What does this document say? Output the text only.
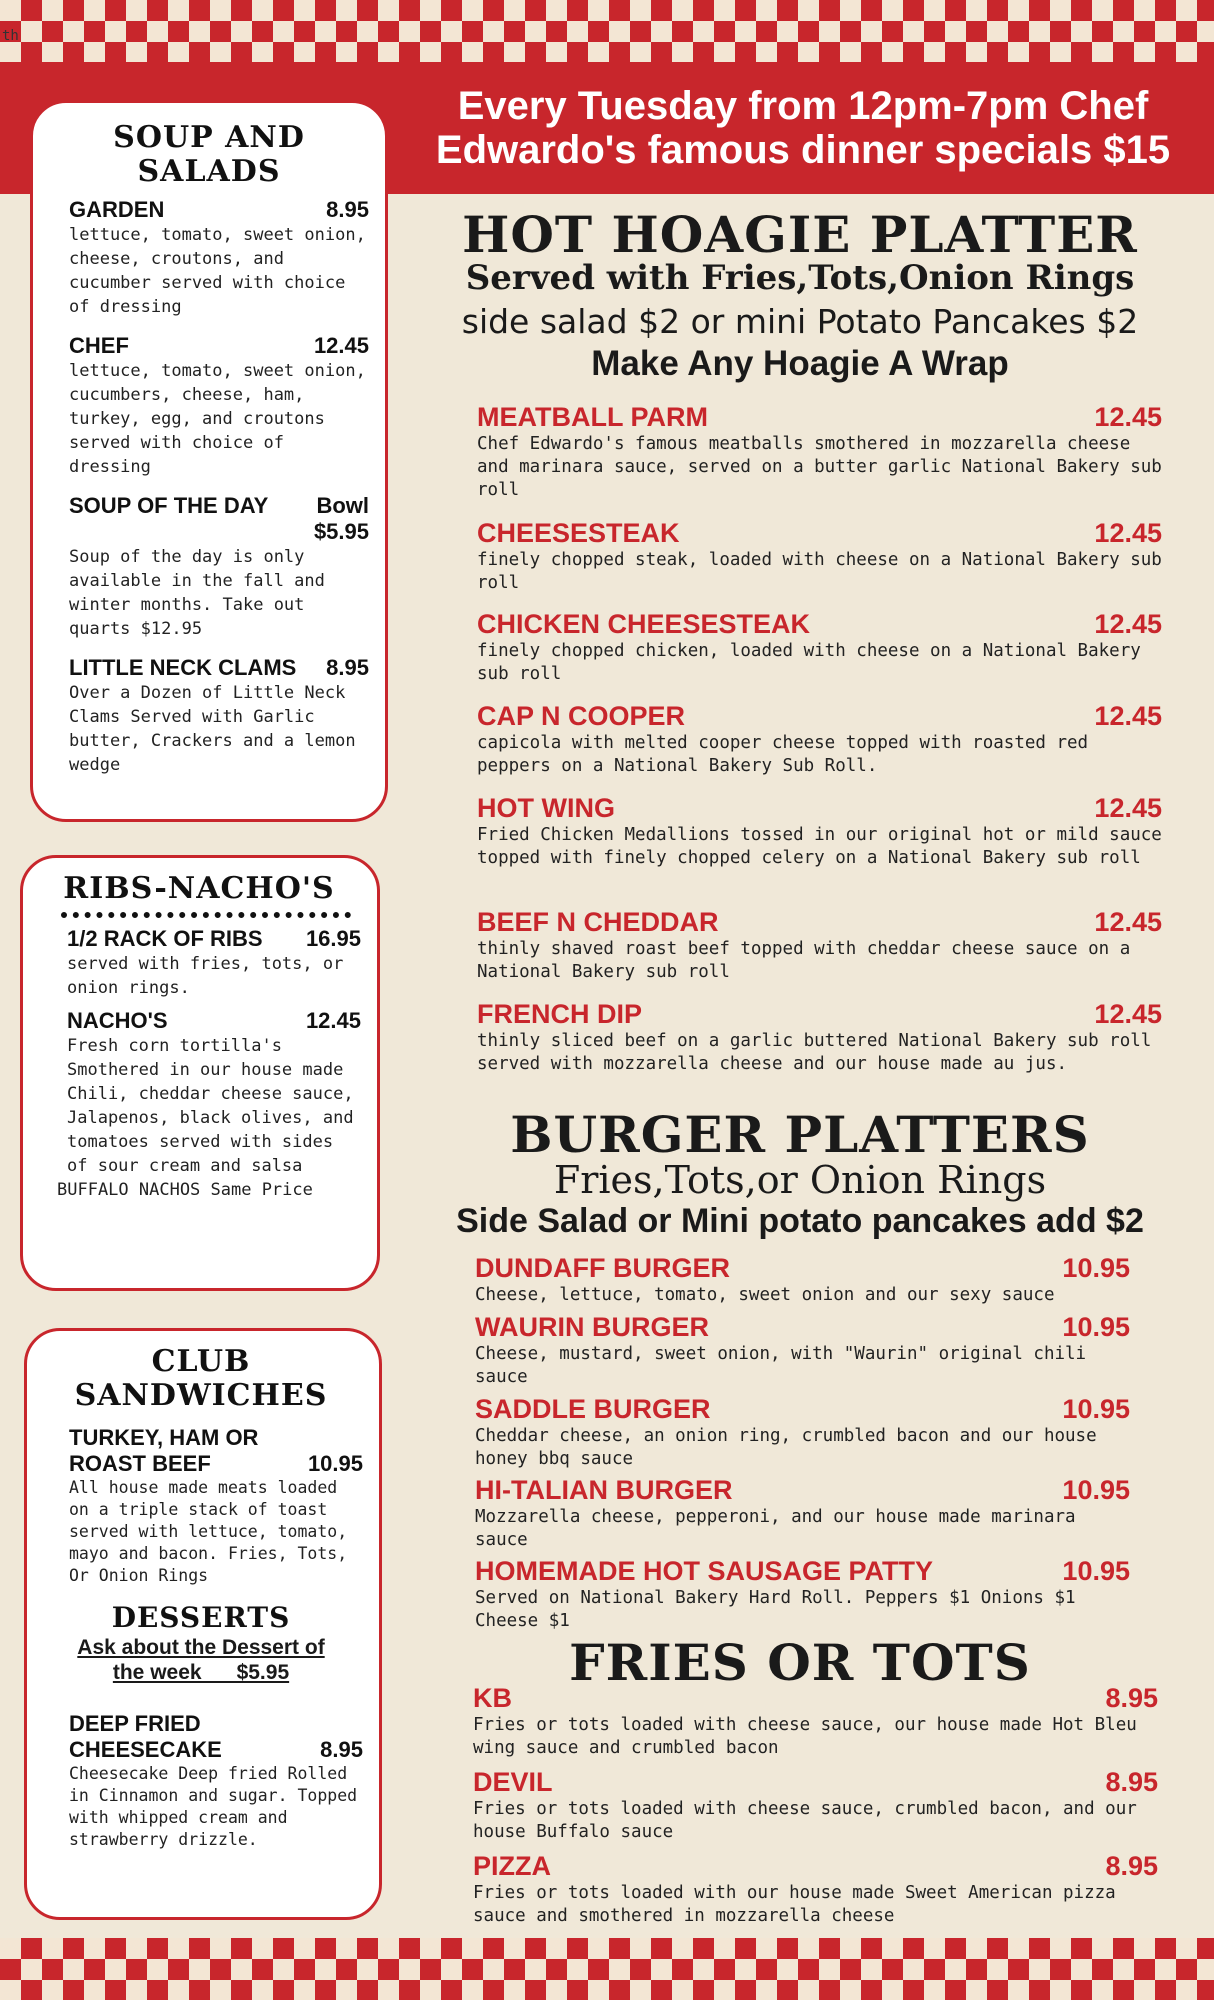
th
Every Tuesday from 12pm-7pm Chef Edwardo's famous dinner specials $15
SOUP AND SALADS
GARDEN	8.95
lettuce, tomato, sweet onion, cheese, croutons, and cucumber served with choice of dressing
CHEF	12.45
lettuce, tomato, sweet onion, cucumbers, cheese, ham, turkey, egg, and croutons served with choice of dressing
SOUP OF THE DAY	Bowl $5.95
Soup of the day is only available in the fall and winter months. Take out quarts $12.95
LITTLE NECK CLAMS 8.95
Over a Dozen of Little Neck Clams Served with Garlic butter, Crackers and a lemon wedge
RIBS-NACHO'S
1/2 RACK OF RIBS 16.95
served with fries, tots, or onion rings.
NACHO'S	12.45
Fresh corn tortilla's Smothered in our house made Chili, cheddar cheese sauce, Jalapenos, black olives, and tomatoes served with sides of sour cream and salsa
BUFFALO NACHOS Same Price
CLUB SANDWICHES
TURKEY, HAM OR
ROAST BEEF	10.95
All house made meats loaded on a triple stack of toast served with lettuce, tomato, mayo and bacon. Fries, Tots, Or Onion Rings
DESSERTS
Ask about the Dessert of
the week      $5.95
DEEP FRIED
CHEESECAKE	8.95
Cheesecake Deep fried Rolled in Cinnamon and sugar. Topped with whipped cream and strawberry drizzle.
HOT HOAGIE PLATTER
Served with Fries,Tots,Onion Rings
side salad $2 or mini Potato Pancakes $2
Make Any Hoagie A Wrap
MEATBALL PARM	12.45
Chef Edwardo's famous meatballs smothered in mozzarella cheese and marinara sauce, served on a butter garlic National Bakery sub roll
CHEESESTEAK	12.45
finely chopped steak, loaded with cheese on a National Bakery sub roll
CHICKEN CHEESESTEAK	12.45
finely chopped chicken, loaded with cheese on a National Bakery sub roll
CAP N COOPER	12.45
capicola with melted cooper cheese topped with roasted red peppers on a National Bakery Sub Roll.
HOT WING	12.45
Fried Chicken Medallions tossed in our original hot or mild sauce topped with finely chopped celery on a National Bakery sub roll
BEEF N CHEDDAR	12.45
thinly shaved roast beef topped with cheddar cheese sauce on a National Bakery sub roll
FRENCH DIP	12.45
thinly sliced beef on a garlic buttered National Bakery sub roll served with mozzarella cheese and our house made au jus.
BURGER PLATTERS
Fries,Tots,or Onion Rings
Side Salad or Mini potato pancakes add $2
DUNDAFF BURGER	10.95
Cheese, lettuce, tomato, sweet onion and our sexy sauce
WAURIN BURGER	10.95
Cheese, mustard, sweet onion, with "Waurin" original chili sauce
SADDLE BURGER	10.95
Cheddar cheese, an onion ring, crumbled bacon and our house honey bbq sauce
HI-TALIAN BURGER	10.95
Mozzarella cheese, pepperoni, and our house made marinara sauce
HOMEMADE HOT SAUSAGE PATTY	10.95
Served on National Bakery Hard Roll. Peppers $1 Onions $1 Cheese $1
FRIES OR TOTS
KB	8.95
Fries or tots loaded with cheese sauce, our house made Hot Bleu wing sauce and crumbled bacon
DEVIL	8.95
Fries or tots loaded with cheese sauce, crumbled bacon, and our house Buffalo sauce
PIZZA	8.95
Fries or tots loaded with our house made Sweet American pizza sauce and smothered in mozzarella cheese
